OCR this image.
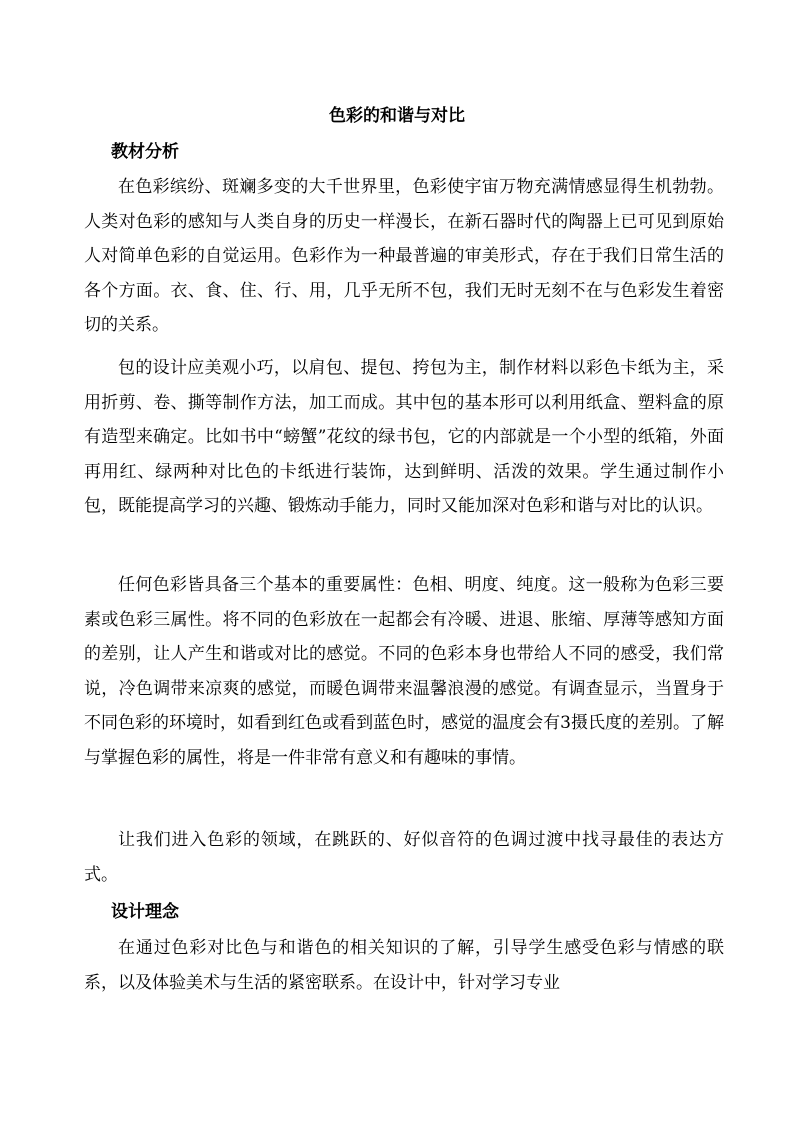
色彩的和谐与对比
教材分析

在色彩缤纷、斑斓多变的大千世界里，色彩使宇宙万物充满情感显得生机勃勃。人类对色彩的感知与人类自身的历史一样漫长，在新石器时代的陶器上已可见到原始人对简单色彩的自觉运用。色彩作为一种最普遍的审美形式，存在于我们日常生活的各个方面。衣、食、住、行、用，几乎无所不包，我们无时无刻不在与色彩发生着密切的关系。

包的设计应美观小巧，以肩包、提包、挎包为主，制作材料以彩色卡纸为主，采用折剪、卷、撕等制作方法，加工而成。其中包的基本形可以利用纸盒、塑料盒的原有造型来确定。比如书中“螃蟹”花纹的绿书包，它的内部就是一个小型的纸箱，外面再用红、绿两种对比色的卡纸进行装饰，达到鲜明、活泼的效果。学生通过制作小包，既能提高学习的兴趣、锻炼动手能力，同时又能加深对色彩和谐与对比的认识。

任何色彩皆具备三个基本的重要属性：色相、明度、纯度。这一般称为色彩三要素或色彩三属性。将不同的色彩放在一起都会有冷暖、进退、胀缩、厚薄等感知方面的差别，让人产生和谐或对比的感觉。不同的色彩本身也带给人不同的感受，我们常说，冷色调带来凉爽的感觉，而暖色调带来温馨浪漫的感觉。有调查显示，当置身于不同色彩的环境时，如看到红色或看到蓝色时，感觉的温度会有3摄氏度的差别。了解与掌握色彩的属性，将是一件非常有意义和有趣味的事情。

让我们进入色彩的领域，在跳跃的、好似音符的色调过渡中找寻最佳的表达方式。

设计理念

在通过色彩对比色与和谐色的相关知识的了解，引导学生感受色彩与情感的联系，以及体验美术与生活的紧密联系。在设计中，针对学习专业
